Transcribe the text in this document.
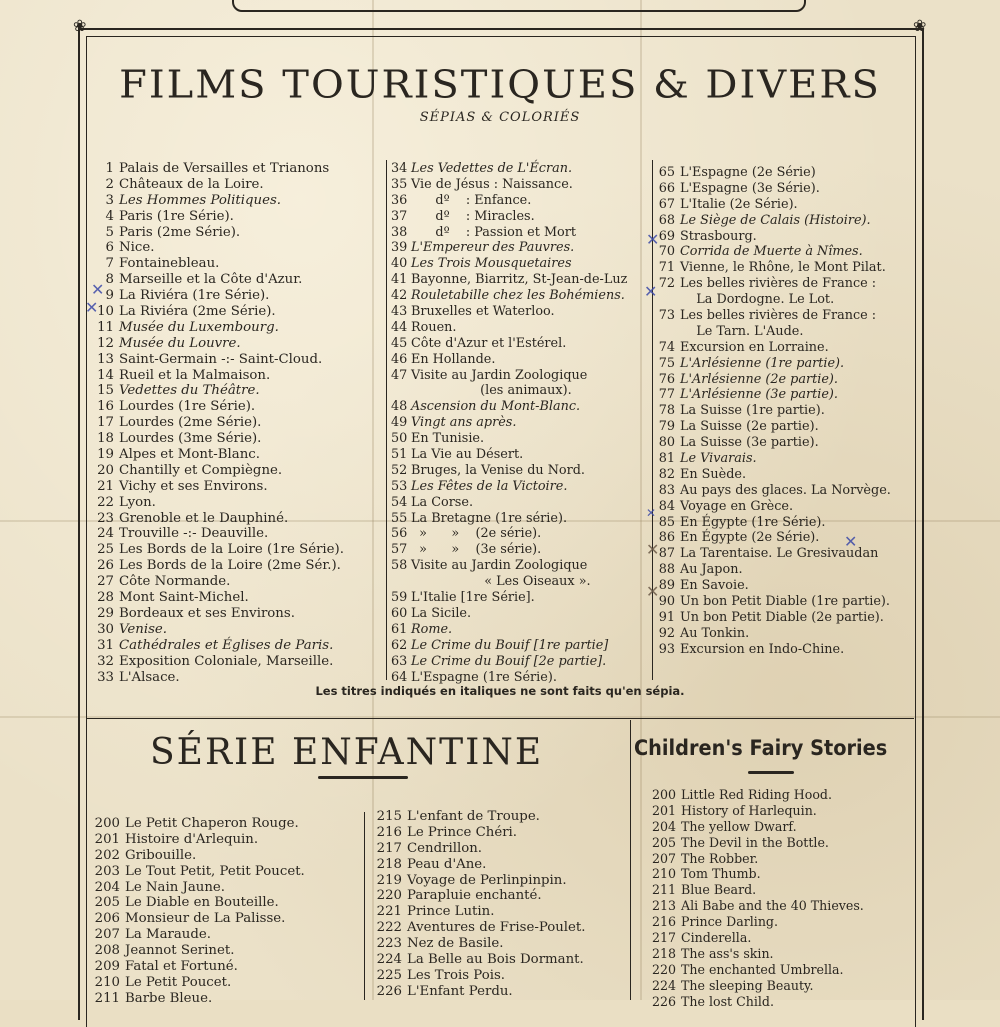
❀	❀
FILMS TOURISTIQUES & DIVERS
SÉPIAS & COLORIÉS
1 Palais de Versailles et Trianons
2 Châteaux de la Loire.
3 Les Hommes Politiques.
4 Paris (1re Série).
5 Paris (2me Série).
6 Nice.
7 Fontainebleau.
8 Marseille et la Côte d'Azur.
9 La Riviéra (1re Série).
10 La Riviéra (2me Série).
11 Musée du Luxembourg.
12 Musée du Louvre.
13 Saint-Germain -:- Saint-Cloud.
14 Rueil et la Malmaison.
15 Vedettes du Théâtre.
16 Lourdes (1re Série).
17 Lourdes (2me Série).
18 Lourdes (3me Série).
19 Alpes et Mont-Blanc.
20 Chantilly et Compiègne.
21 Vichy et ses Environs.
22 Lyon.
23 Grenoble et le Dauphiné.
24 Trouville -:- Deauville.
25 Les Bords de la Loire (1re Série).
26 Les Bords de la Loire (2me Sér.).
27 Côte Normande.
28 Mont Saint-Michel.
29 Bordeaux et ses Environs.
30 Venise.
31 Cathédrales et Églises de Paris.
32 Exposition Coloniale, Marseille.
33 L'Alsace.
34 Les Vedettes de L'Écran.
35 Vie de Jésus : Naissance.
36      dº    : Enfance.
37      dº    : Miracles.
38      dº    : Passion et Mort
39 L'Empereur des Pauvres.
40 Les Trois Mousquetaires
41 Bayonne, Biarritz, St-Jean-de-Luz
42 Rouletabille chez les Bohémiens.
43 Bruxelles et Waterloo.
44 Rouen.
45 Côte d'Azur et l'Estérel.
46 En Hollande.
47 Visite au Jardin Zoologique
(les animaux).
48 Ascension du Mont-Blanc.
49 Vingt ans après.
50 En Tunisie.
51 La Vie au Désert.
52 Bruges, la Venise du Nord.
53 Les Fêtes de la Victoire.
54 La Corse.
55 La Bretagne (1re série).
56  »      »    (2e série).
57  »      »    (3e série).
58 Visite au Jardin Zoologique
« Les Oiseaux ».
59 L'Italie [1re Série].
60 La Sicile.
61 Rome.
62 Le Crime du Bouif [1re partie]
63 Le Crime du Bouif [2e partie].
64 L'Espagne (1re Série).
65 L'Espagne (2e Série)
66 L'Espagne (3e Série).
67 L'Italie (2e Série).
68 Le Siège de Calais (Histoire).
69 Strasbourg.
70 Corrida de Muerte à Nîmes.
71 Vienne, le Rhône, le Mont Pilat.
72 Les belles rivières de France :
La Dordogne. Le Lot.
73 Les belles rivières de France :
Le Tarn. L'Aude.
74 Excursion en Lorraine.
75 L'Arlésienne (1re partie).
76 L'Arlésienne (2e partie).
77 L'Arlésienne (3e partie).
78 La Suisse (1re partie).
79 La Suisse (2e partie).
80 La Suisse (3e partie).
81 Le Vivarais.
82 En Suède.
83 Au pays des glaces. La Norvège.
84 Voyage en Grèce.
85 En Égypte (1re Série).
86 En Égypte (2e Série).
87 La Tarentaise. Le Gresivaudan
88 Au Japon.
89 En Savoie.
90 Un bon Petit Diable (1re partie).
91 Un bon Petit Diable (2e partie).
92 Au Tonkin.
93 Excursion en Indo-Chine.
Les titres indiqués en italiques ne sont faits qu'en sépia.
SÉRIE ENFANTINE	Children's Fairy Stories
200 Le Petit Chaperon Rouge.
201 Histoire d'Arlequin.
202 Gribouille.
203 Le Tout Petit, Petit Poucet.
204 Le Nain Jaune.
205 Le Diable en Bouteille.
206 Monsieur de La Palisse.
207 La Maraude.
208 Jeannot Serinet.
209 Fatal et Fortuné.
210 Le Petit Poucet.
211 Barbe Bleue.
215 L'enfant de Troupe.
216 Le Prince Chéri.
217 Cendrillon.
218 Peau d'Ane.
219 Voyage de Perlinpinpin.
220 Parapluie enchanté.
221 Prince Lutin.
222 Aventures de Frise-Poulet.
223 Nez de Basile.
224 La Belle au Bois Dormant.
225 Les Trois Pois.
226 L'Enfant Perdu.
200 Little Red Riding Hood.
201 History of Harlequin.
204 The yellow Dwarf.
205 The Devil in the Bottle.
207 The Robber.
210 Tom Thumb.
211 Blue Beard.
213 Ali Babe and the 40 Thieves.
216 Prince Darling.
217 Cinderella.
218 The ass's skin.
220 The enchanted Umbrella.
224 The sleeping Beauty.
226 The lost Child.
✕
✕
✕
✕
✕
✕
✕
✕
